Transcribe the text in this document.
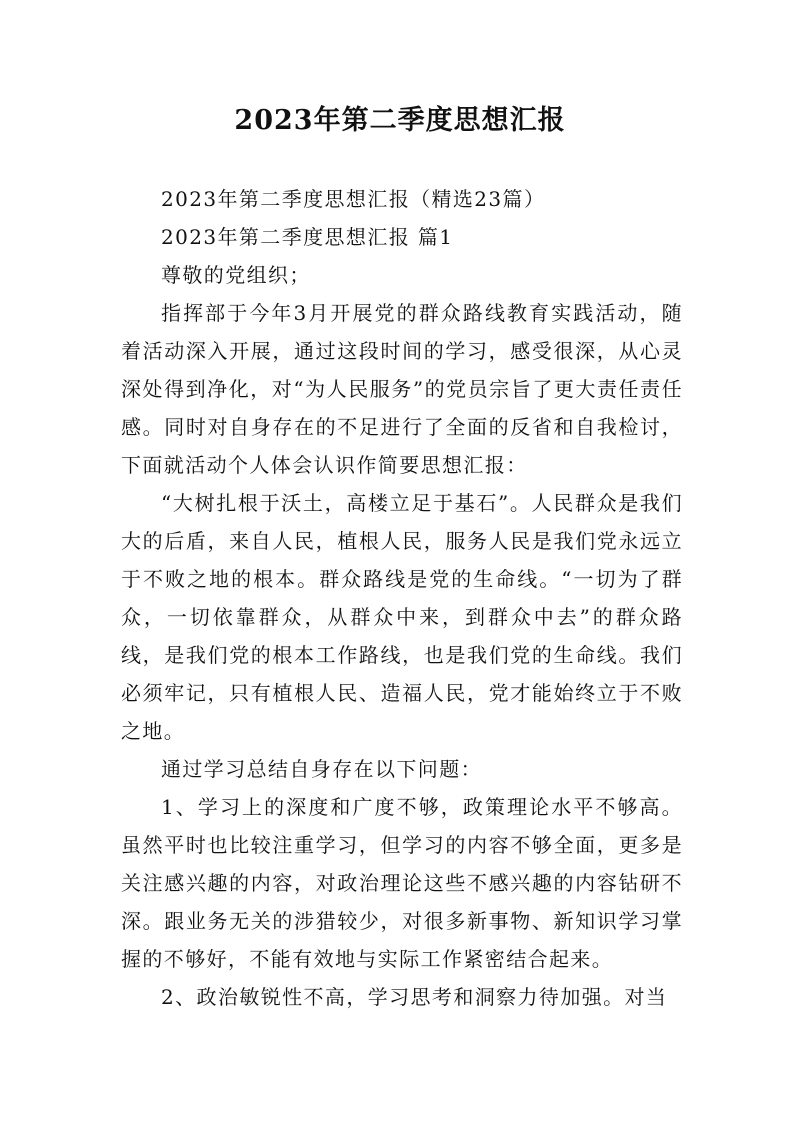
2023年第二季度思想汇报

2023年第二季度思想汇报（精选23篇）

2023年第二季度思想汇报 篇1

尊敬的党组织；

指挥部于今年3月开展党的群众路线教育实践活动，随着活动深入开展，通过这段时间的学习，感受很深，从心灵深处得到净化，对“为人民服务”的党员宗旨了更大责任责任感。同时对自身存在的不足进行了全面的反省和自我检讨，下面就活动个人体会认识作简要思想汇报：

“大树扎根于沃土，高楼立足于基石”。人民群众是我们大的后盾，来自人民，植根人民，服务人民是我们党永远立于不败之地的根本。群众路线是党的生命线。“一切为了群众，一切依靠群众，从群众中来，到群众中去”的群众路线，是我们党的根本工作路线，也是我们党的生命线。我们必须牢记，只有植根人民、造福人民，党才能始终立于不败之地。

通过学习总结自身存在以下问题：

1、学习上的深度和广度不够，政策理论水平不够高。虽然平时也比较注重学习，但学习的内容不够全面，更多是关注感兴趣的内容，对政治理论这些不感兴趣的内容钻研不深。跟业务无关的涉猎较少，对很多新事物、新知识学习掌握的不够好，不能有效地与实际工作紧密结合起来。

2、政治敏锐性不高，学习思考和洞察力待加强。对当
